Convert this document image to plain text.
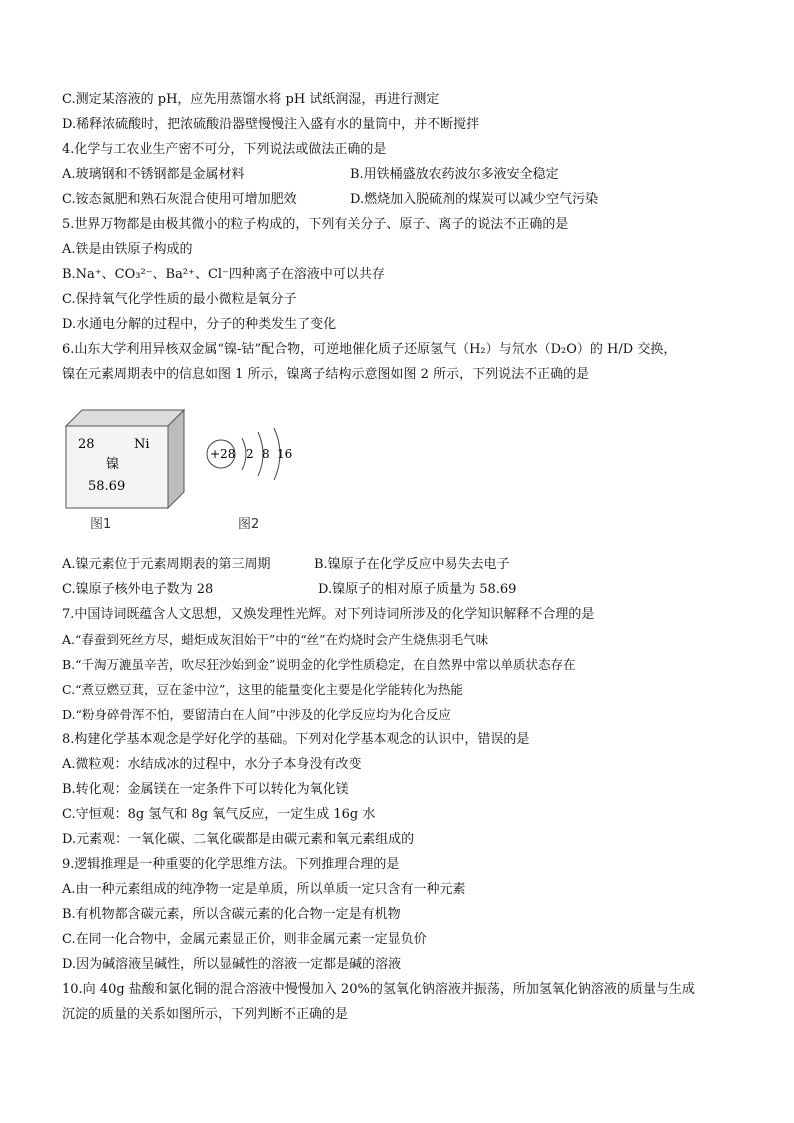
C.测定某溶液的 pH，应先用蒸馏水将 pH 试纸润湿，再进行测定
D.稀释浓硫酸时，把浓硫酸沿器壁慢慢注入盛有水的量筒中，并不断搅拌
4.化学与工农业生产密不可分，下列说法或做法正确的是
A.玻璃钢和不锈钢都是金属材料	B.用铁桶盛放农药波尔多液安全稳定
C.铵态氮肥和熟石灰混合使用可增加肥效	D.燃烧加入脱硫剂的煤炭可以减少空气污染
5.世界万物都是由极其微小的粒子构成的，下列有关分子、原子、离子的说法不正确的是
A.铁是由铁原子构成的
B.Na⁺、CO₃²⁻、Ba²⁺、Cl⁻四种离子在溶液中可以共存
C.保持氧气化学性质的最小微粒是氧分子
D.水通电分解的过程中，分子的种类发生了变化
6.山东大学利用异核双金属“镍-钴”配合物，可逆地催化质子还原氢气（H₂）与氘水（D₂O）的 H/D 交换，
镍在元素周期表中的信息如图 1 所示，镍离子结构示意图如图 2 所示，下列说法不正确的是
28	Ni
镍
58.69
+28 2 8 16
图1	图2
A.镍元素位于元素周期表的第三周期	B.镍原子在化学反应中易失去电子
C.镍原子核外电子数为 28	D.镍原子的相对原子质量为 58.69
7.中国诗词既蕴含人文思想，又焕发理性光辉。对下列诗词所涉及的化学知识解释不合理的是
A.“春蚕到死丝方尽，蜡炬成灰泪始干”中的“丝”在灼烧时会产生烧焦羽毛气味
B.“千淘万漉虽辛苦，吹尽狂沙始到金”说明金的化学性质稳定，在自然界中常以单质状态存在
C.“煮豆燃豆萁，豆在釜中泣”，这里的能量变化主要是化学能转化为热能
D.“粉身碎骨浑不怕，要留清白在人间”中涉及的化学反应均为化合反应
8.构建化学基本观念是学好化学的基础。下列对化学基本观念的认识中，错误的是
A.微粒观：水结成冰的过程中，水分子本身没有改变
B.转化观：金属镁在一定条件下可以转化为氧化镁
C.守恒观：8g 氢气和 8g 氧气反应，一定生成 16g 水
D.元素观：一氧化碳、二氧化碳都是由碳元素和氧元素组成的
9.逻辑推理是一种重要的化学思维方法。下列推理合理的是
A.由一种元素组成的纯净物一定是单质，所以单质一定只含有一种元素
B.有机物都含碳元素，所以含碳元素的化合物一定是有机物
C.在同一化合物中，金属元素显正价，则非金属元素一定显负价
D.因为碱溶液呈碱性，所以显碱性的溶液一定都是碱的溶液
10.向 40g 盐酸和氯化铜的混合溶液中慢慢加入 20%的氢氧化钠溶液并振荡，所加氢氧化钠溶液的质量与生成
沉淀的质量的关系如图所示，下列判断不正确的是
